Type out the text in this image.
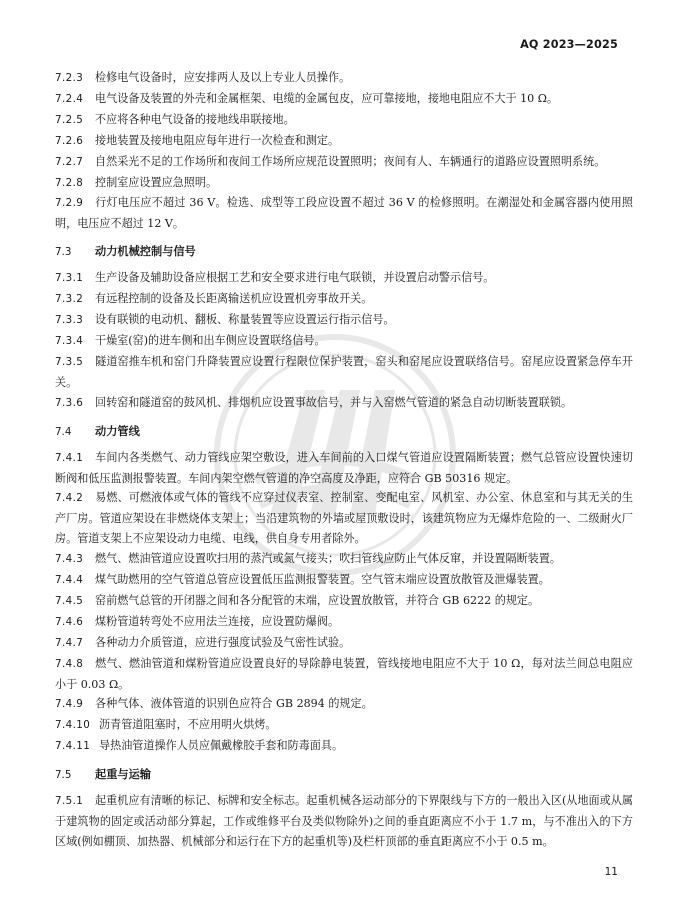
AQ 2023—2025
7.2.3 检修电气设备时，应安排两人及以上专业人员操作。
7.2.4 电气设备及装置的外壳和金属框架、电缆的金属包皮，应可靠接地，接地电阻应不大于 10 Ω。
7.2.5 不应将各种电气设备的接地线串联接地。
7.2.6 接地装置及接地电阻应每年进行一次检查和测定。
7.2.7 自然采光不足的工作场所和夜间工作场所应规范设置照明；夜间有人、车辆通行的道路应设置照明系统。
7.2.8 控制室应设置应急照明。
7.2.9 行灯电压应不超过 36 V。检选、成型等工段应设置不超过 36 V 的检修照明。在潮湿处和金属容器内使用照明，电压应不超过 12 V。
7.3 动力机械控制与信号
7.3.1 生产设备及辅助设备应根据工艺和安全要求进行电气联锁，并设置启动警示信号。
7.3.2 有远程控制的设备及长距离输送机应设置机旁事故开关。
7.3.3 设有联锁的电动机、翻板、称量装置等应设置运行指示信号。
7.3.4 干燥室(窑)的进车侧和出车侧应设置联络信号。
7.3.5 隧道窑推车机和窑门升降装置应设置行程限位保护装置，窑头和窑尾应设置联络信号。窑尾应设置紧急停车开关。
7.3.6 回转窑和隧道窑的鼓风机、排烟机应设置事故信号，并与入窑燃气管道的紧急自动切断装置联锁。
7.4 动力管线
7.4.1 车间内各类燃气、动力管线应架空敷设，进入车间前的入口煤气管道应设置隔断装置；燃气总管应设置快速切断阀和低压监测报警装置。车间内架空燃气管道的净空高度及净距，应符合 GB 50316 规定。
7.4.2 易燃、可燃液体或气体的管线不应穿过仪表室、控制室、变配电室、风机室、办公室、休息室和与其无关的生产厂房。管道应架设在非燃烧体支架上；当沿建筑物的外墙或屋顶敷设时，该建筑物应为无爆炸危险的一、二级耐火厂房。管道支架上不应架设动力电缆、电线，供自身专用者除外。
7.4.3 燃气、燃油管道应设置吹扫用的蒸汽或氮气接头；吹扫管线应防止气体反窜，并设置隔断装置。
7.4.4 煤气助燃用的空气管道总管应设置低压监测报警装置。空气管末端应设置放散管及泄爆装置。
7.4.5 窑前燃气总管的开闭器之间和各分配管的末端，应设置放散管，并符合 GB 6222 的规定。
7.4.6 煤粉管道转弯处不应用法兰连接，应设置防爆阀。
7.4.7 各种动力介质管道，应进行强度试验及气密性试验。
7.4.8 燃气、燃油管道和煤粉管道应设置良好的导除静电装置，管线接地电阻应不大于 10 Ω，每对法兰间总电阻应小于 0.03 Ω。
7.4.9 各种气体、液体管道的识别色应符合 GB 2894 的规定。
7.4.10 沥青管道阻塞时，不应用明火烘烤。
7.4.11 导热油管道操作人员应佩戴橡胶手套和防毒面具。
7.5 起重与运输
7.5.1 起重机应有清晰的标记、标牌和安全标志。起重机械各运动部分的下界限线与下方的一般出入区(从地面或从属于建筑物的固定或活动部分算起，工作或维修平台及类似物除外)之间的垂直距离应不小于 1.7 m，与不准出入的下方区域(例如棚顶、加热器、机械部分和运行在下方的起重机等)及栏杆顶部的垂直距离应不小于 0.5 m。
11
